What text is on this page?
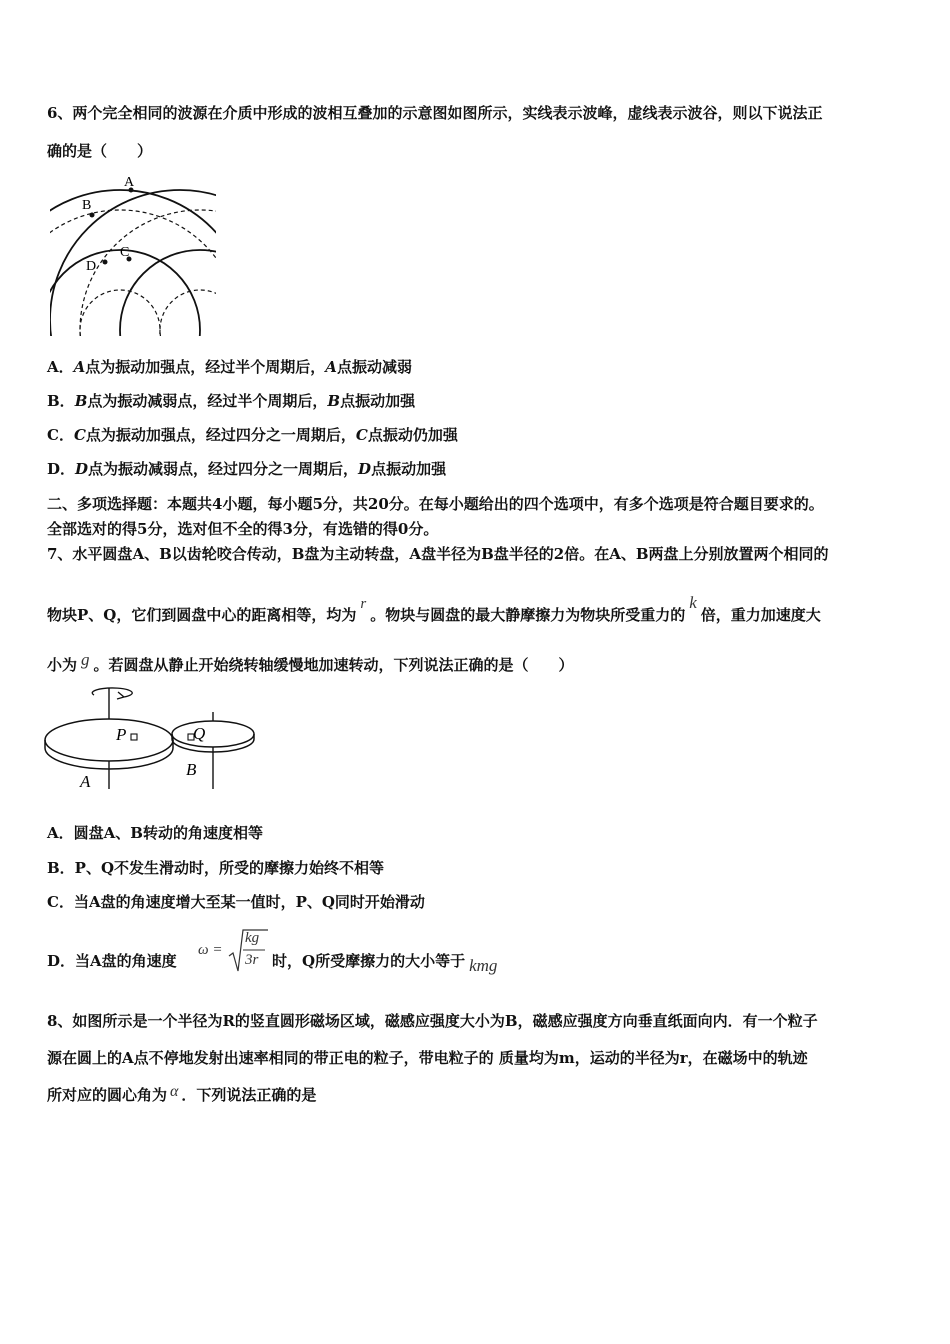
6、两个完全相同的波源在介质中形成的波相互叠加的示意图如图所示，实线表示波峰，虚线表示波谷，则以下说法正
确的是（　　）
A
B
C
D
A．A点为振动加强点，经过半个周期后，A点振动减弱
B．B点为振动减弱点，经过半个周期后，B点振动加强
C．C点为振动加强点，经过四分之一周期后，C点振动仍加强
D．D点为振动减弱点，经过四分之一周期后，D点振动加强
二、多项选择题：本题共4小题，每小题5分，共20分。在每小题给出的四个选项中，有多个选项是符合题目要求的。
全部选对的得5分，选对但不全的得3分，有选错的得0分。
7、水平圆盘A、B以齿轮咬合传动，B盘为主动转盘，A盘半径为B盘半径的2倍。在A、B两盘上分别放置两个相同的
物块P、Q，它们到圆盘中心的距离相等，均为r。物块与圆盘的最大静摩擦力为物块所受重力的k倍，重力加速度大
小为 g 。若圆盘从静止开始绕转轴缓慢地加速转动，下列说法正确的是（　　）
P	Q
A
B
A．圆盘A、B转动的角速度相等
B．P、Q不发生滑动时，所受的摩擦力始终不相等
C．当A盘的角速度增大至某一值时，P、Q同时开始滑动
D．当A盘的角速度
ω =
kg
3r 时，Q所受摩擦力的大小等于 kmg
8、如图所示是一个半径为R的竖直圆形磁场区域，磁感应强度大小为B，磁感应强度方向垂直纸面向内．有一个粒子
源在圆上的A点不停地发射出速率相同的带正电的粒子，带电粒子的 质量均为m，运动的半径为r，在磁场中的轨迹
所对应的圆心角为 α ．下列说法正确的是
